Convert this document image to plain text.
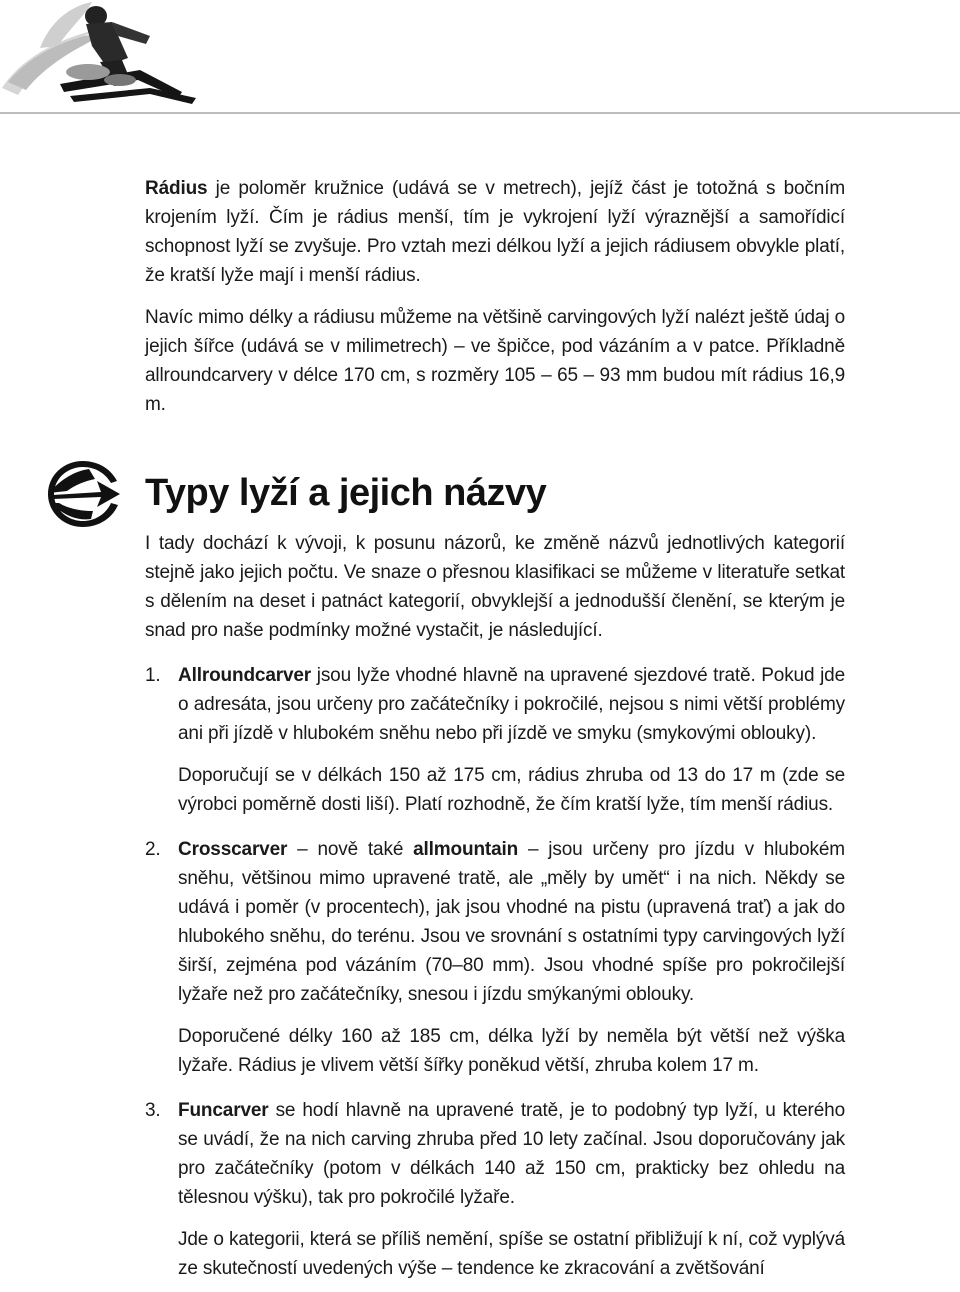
Rádius je poloměr kružnice (udává se v metrech), jejíž část je totožná s bočním krojením lyží. Čím je rádius menší, tím je vykrojení lyží výraznější a samořídicí schopnost lyží se zvyšuje. Pro vztah mezi délkou lyží a jejich rádiusem obvykle platí, že kratší lyže mají i menší rádius.

Navíc mimo délky a rádiusu můžeme na většině carvingových lyží nalézt ještě údaj o jejich šířce (udává se v milimetrech) – ve špičce, pod vázáním a v patce. Příkladně allroundcarvery v délce 170 cm, s rozměry 105 – 65 – 93 mm budou mít rádius 16,9 m.

Typy lyží a jejich názvy

I tady dochází k vývoji, k posunu názorů, ke změně názvů jednotlivých kategorií stejně jako jejich počtu. Ve snaze o přesnou klasifikaci se můžeme v literatuře setkat s dělením na deset i patnáct kategorií, obvyklejší a jednodušší členění, se kterým je snad pro naše podmínky možné vystačit, je následující.

1. Allroundcarver jsou lyže vhodné hlavně na upravené sjezdové tratě. Pokud jde o adresáta, jsou určeny pro začátečníky i pokročilé, nejsou s nimi větší problémy ani při jízdě v hlubokém sněhu nebo při jízdě ve smyku (smykovými oblouky).

Doporučují se v délkách 150 až 175 cm, rádius zhruba od 13 do 17 m (zde se výrobci poměrně dosti liší). Platí rozhodně, že čím kratší lyže, tím menší rádius.

2. Crosscarver – nově také allmountain – jsou určeny pro jízdu v hlubokém sněhu, většinou mimo upravené tratě, ale „měly by umět“ i na nich. Někdy se udává i poměr (v procentech), jak jsou vhodné na pistu (upravená trať) a jak do hlubokého sněhu, do terénu. Jsou ve srovnání s ostatními typy carvingových lyží širší, zejména pod vázáním (70–80 mm). Jsou vhodné spíše pro pokročilejší lyžaře než pro začátečníky, snesou i jízdu smýkanými oblouky.

Doporučené délky 160 až 185 cm, délka lyží by neměla být větší než výška lyžaře. Rádius je vlivem větší šířky poněkud větší, zhruba kolem 17 m.

3. Funcarver se hodí hlavně na upravené tratě, je to podobný typ lyží, u kterého se uvádí, že na nich carving zhruba před 10 lety začínal. Jsou doporučovány jak pro začátečníky (potom v délkách 140 až 150 cm, prakticky bez ohledu na tělesnou výšku), tak pro pokročilé lyžaře.

Jde o kategorii, která se příliš nemění, spíše se ostatní přibližují k ní, což vyplývá ze skutečností uvedených výše – tendence ke zkracování a zvětšování
